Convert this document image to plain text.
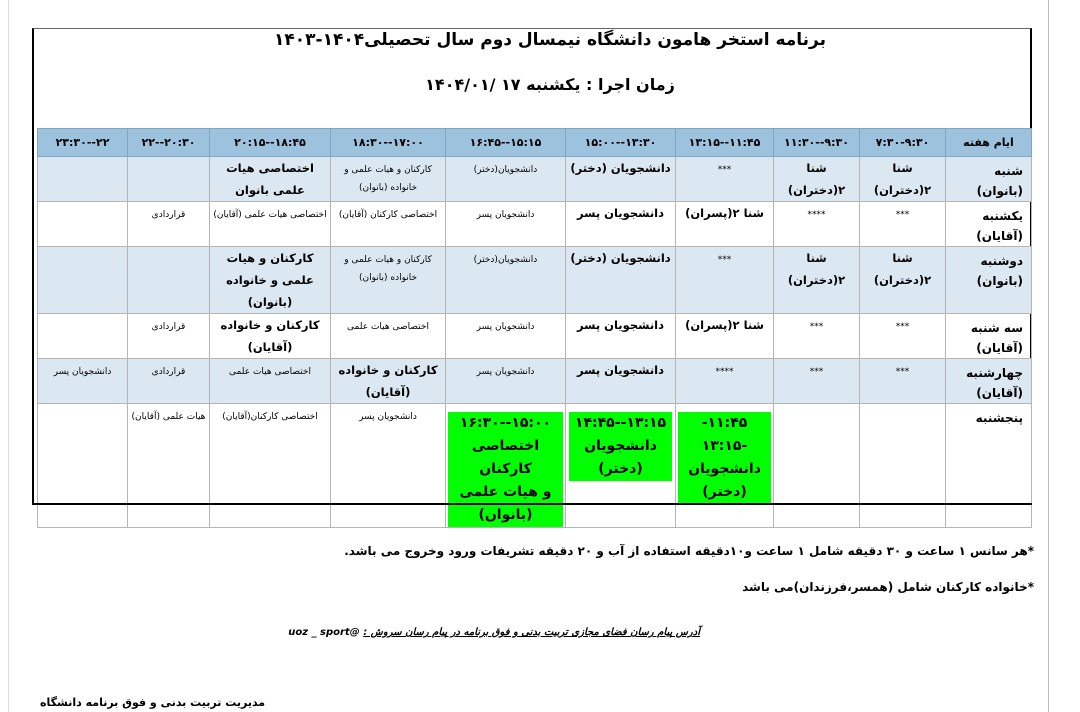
برنامه استخر هامون دانشگاه نیمسال دوم سال تحصیلی۱۴۰۴-۱۴۰۳
زمان اجرا : یکشنبه ۱۷ /۱۴۰۴/۰۱
ایام هفته	۷:۳۰-۹:۳۰	۹:۳۰--۱۱:۳۰	۱۱:۴۵--۱۳:۱۵	۱۳:۳۰--۱۵:۰۰	۱۵:۱۵--۱۶:۴۵	۱۷:۰۰--۱۸:۳۰	۱۸:۴۵--۲۰:۱۵	۲۰:۳۰--۲۲	۲۲--۲۳:۳۰
شنبه (بانوان)	شنا ۲(دختران)	شنا ۲(دختران)	***	دانشجویان (دختر)	دانشجویان(دختر)	کارکنان و هیات علمی و خانواده (بانوان)	اختصاصی هیات علمی بانوان		
یکشنبه (آقایان)	***	****	شنا ۲(پسران)	دانشجویان پسر	دانشجویان پسر	اختصاصی کارکنان (آقایان)	اختصاصی هیات علمی (آقایان)	قراردادی	
دوشنبه (بانوان)	شنا ۲(دختران)	شنا ۲(دختران)	***	دانشجویان (دختر)	دانشجویان(دختر)	کارکنان و هیات علمی و خانواده (بانوان)	کارکنان و هیات علمی و خانواده (بانوان)		
سه شنبه (آقایان)	***	***	شنا ۲(پسران)	دانشجویان پسر	دانشجویان پسر	اختصاصی هیات علمی	کارکنان و خانواده (آقایان)	قراردادی	
چهارشنبه (آقایان)	***	***	****	دانشجویان پسر	دانشجویان پسر	کارکنان و خانواده (آقایان)	اختصاصی هیات علمی	قراردادی	دانشجویان پسر
پنجشنبه			۱۱:۴۵--۱۳:۱۵
دانشجویان
(دختر)	۱۳:۱۵--۱۴:۴۵
دانشجویان
(دختر)	۱۵:۰۰--۱۶:۳۰
اختصاصی کارکنان
و هیات علمی
(بانوان)	دانشجویان پسر	اختصاصی کارکنان(آقایان)	هیات علمی (آقایان)	
*هر سانس ۱ ساعت و ۳۰ دقیقه شامل ۱ ساعت و۱۰دقیقه استفاده از آب و ۲۰ دقیقه تشریفات ورود وخروج می باشد.
*خانواده کارکنان شامل (همسر،فرزندان)می باشد
آدرس پیام رسان فضای مجازی تربیت بدنی و فوق برنامه در پیام رسان سروش : @uoz _ sport
مدیریت تربیت بدنی و فوق برنامه دانشگاه
